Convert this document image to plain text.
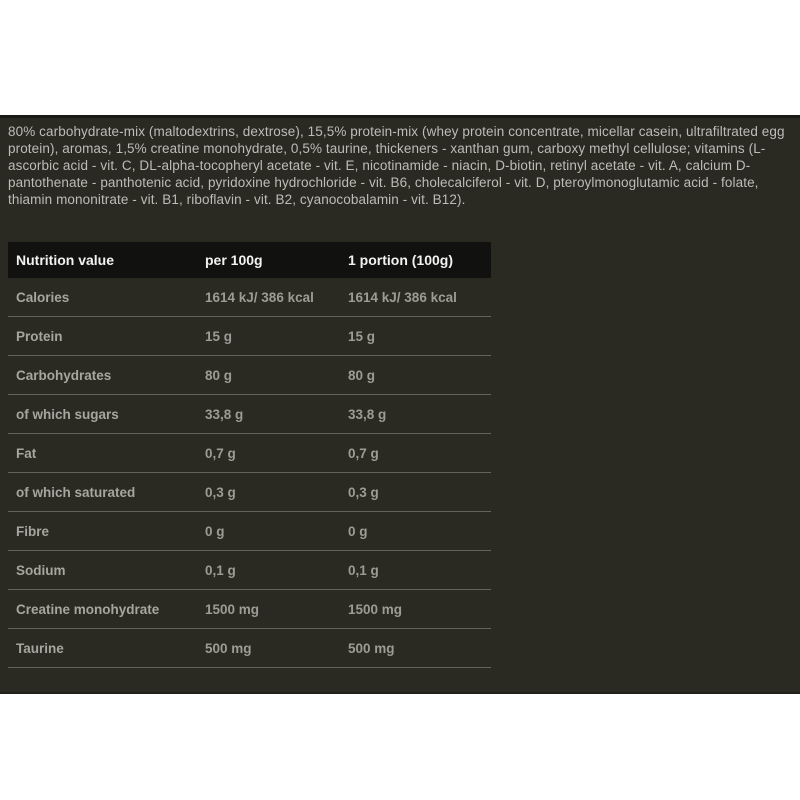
80% carbohydrate-mix (maltodextrins, dextrose), 15,5% protein-mix (whey protein concentrate, micellar casein, ultrafiltrated egg protein), aromas, 1,5% creatine monohydrate, 0,5% taurine, thickeners - xanthan gum, carboxy methyl cellulose; vitamins (L-ascorbic acid - vit. C, DL-alpha-tocopheryl acetate - vit. E, nicotinamide - niacin, D-biotin, retinyl acetate - vit. A, calcium D-pantothenate - panthotenic acid, pyridoxine hydrochloride - vit. B6, cholecalciferol - vit. D, pteroylmonoglutamic acid - folate, thiamin mononitrate - vit. B1, riboflavin - vit. B2, cyanocobalamin - vit. B12).
Nutrition value	per 100g	1 portion (100g)
Calories	1614 kJ/ 386 kcal	1614 kJ/ 386 kcal
Protein	15 g	15 g
Carbohydrates	80 g	80 g
of which sugars	33,8 g	33,8 g
Fat	0,7 g	0,7 g
of which saturated	0,3 g	0,3 g
Fibre	0 g	0 g
Sodium	0,1 g	0,1 g
Creatine monohydrate	1500 mg	1500 mg
Taurine	500 mg	500 mg
